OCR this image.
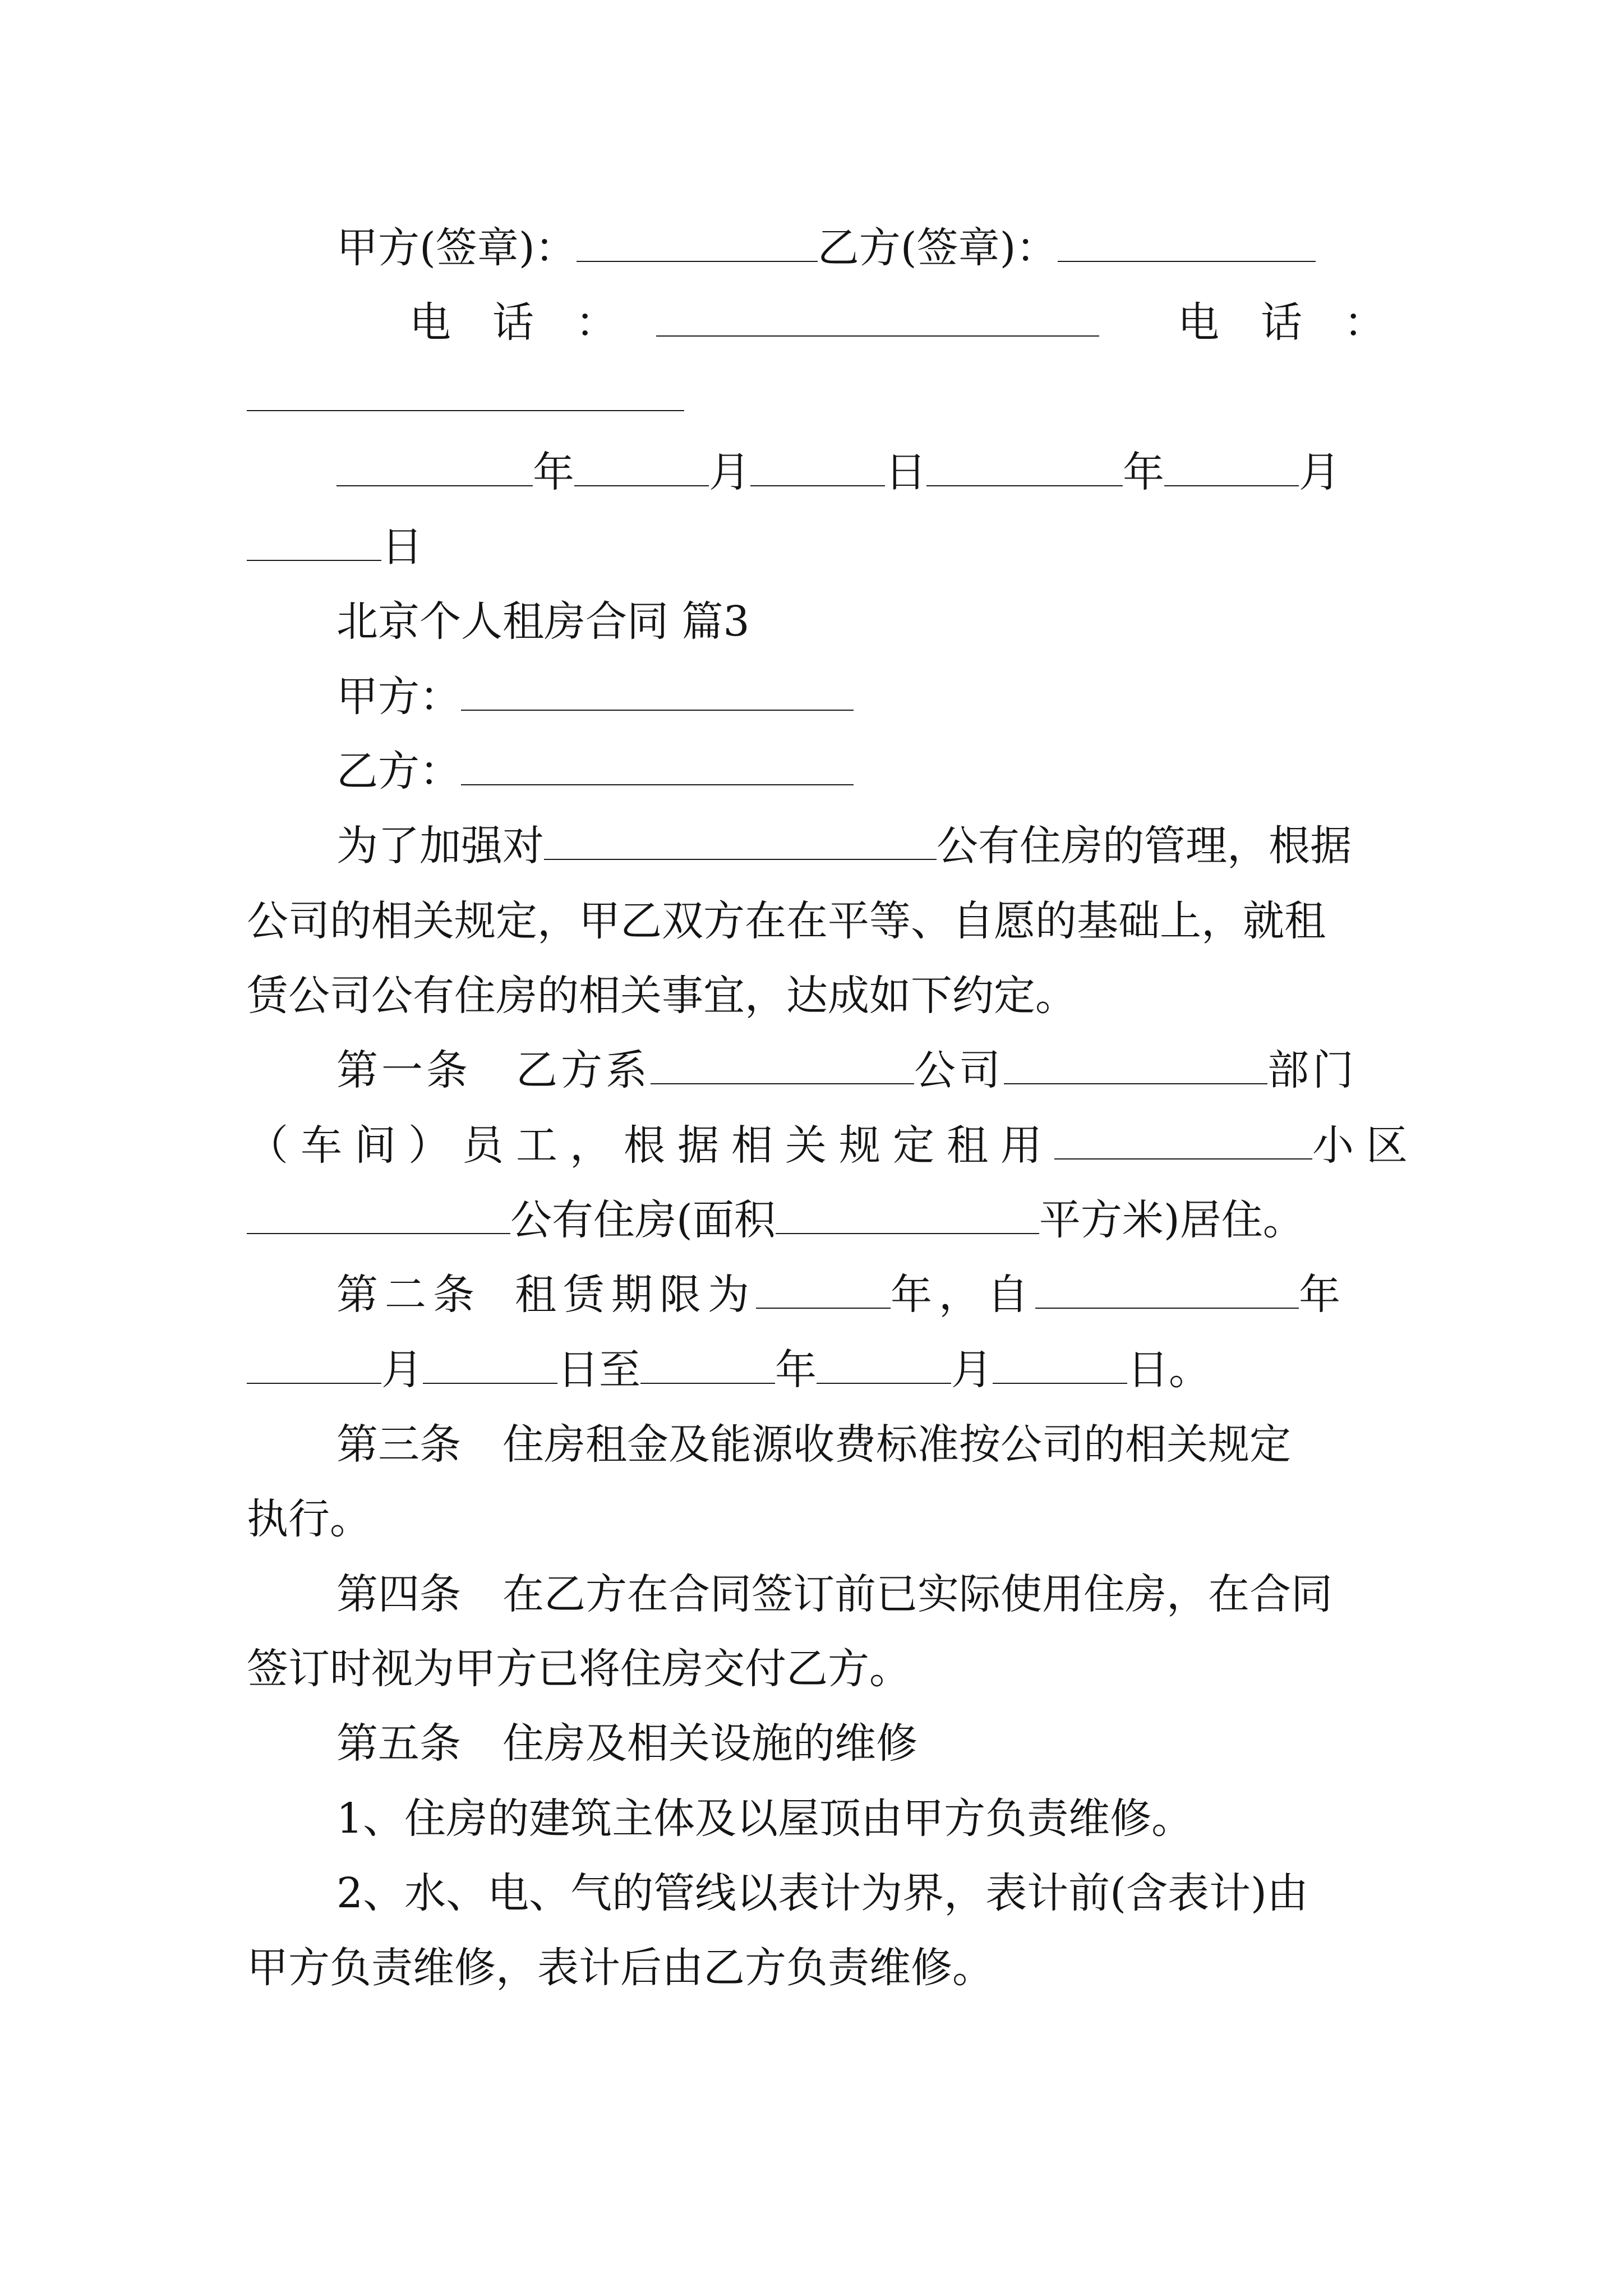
甲方(签章)：	乙方(签章)：
电　话　：	电　话　：
年	月	日	年	月
日
北京个人租房合同 篇3
甲方：
乙方：
为了加强对	公有住房的管理，根据
公司的相关规定，甲乙双方在在平等、自愿的基础上，就租
赁公司公有住房的相关事宜，达成如下约定。
第一条 乙方系	公司	部门
（车间）员工，根据相关规定租用	小区
公有住房(面积	平方米)居住。
第二条 租赁期限为	年，自	年
月	日至	年	月	日。
第三条　住房租金及能源收费标准按公司的相关规定
执行。
第四条　在乙方在合同签订前已实际使用住房，在合同
签订时视为甲方已将住房交付乙方。
第五条　住房及相关设施的维修
1、住房的建筑主体及以屋顶由甲方负责维修。
2、水、电、气的管线以表计为界，表计前(含表计)由
甲方负责维修，表计后由乙方负责维修。
